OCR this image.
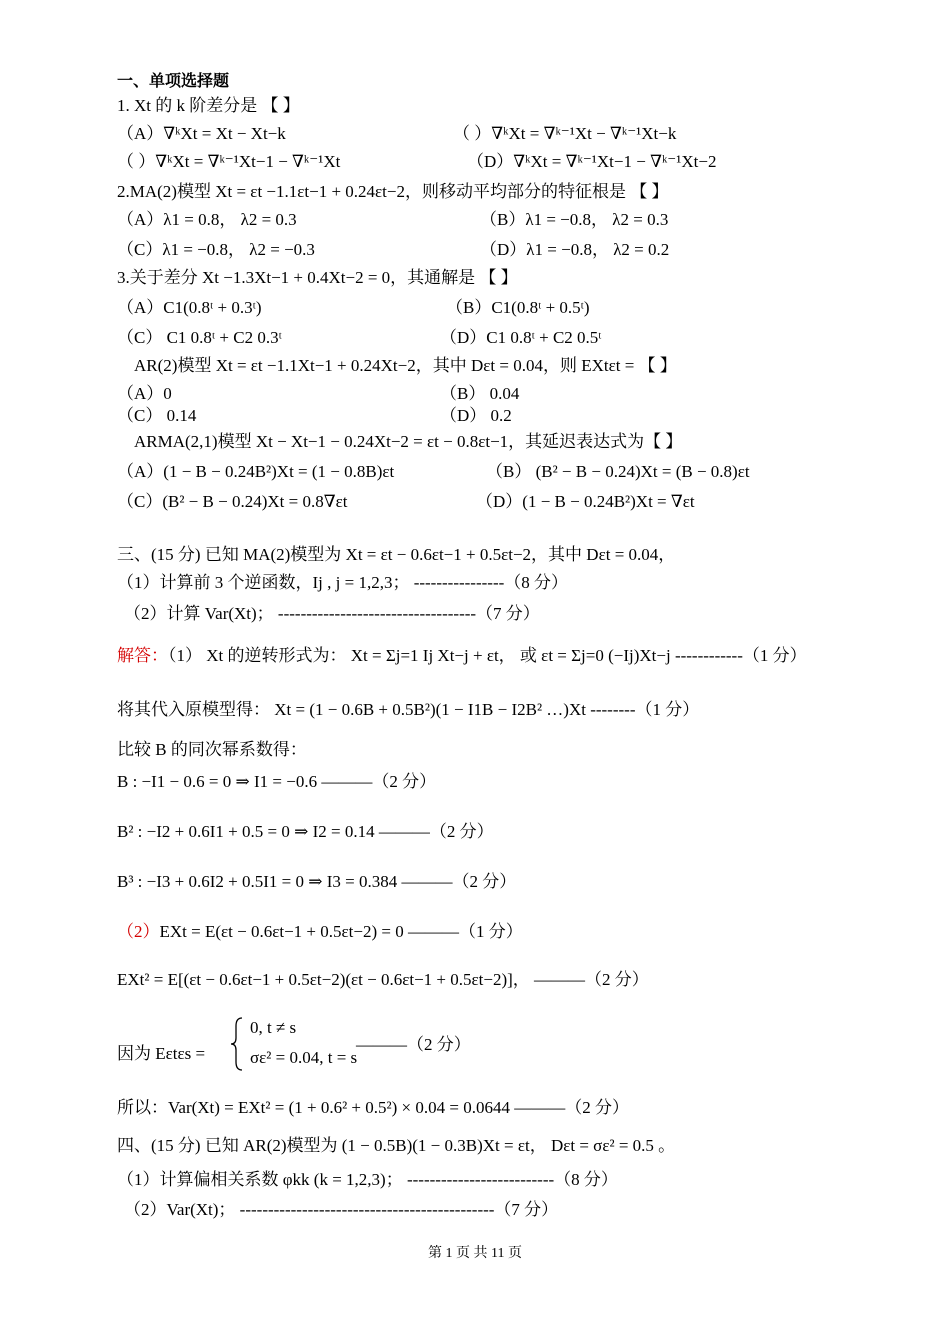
一、单项选择题
1. Xt 的 k 阶差分是 【 】
（A）∇ᵏXt = Xt − Xt−k	（ ）∇ᵏXt = ∇ᵏ⁻¹Xt − ∇ᵏ⁻¹Xt−k
（ ）∇ᵏXt = ∇ᵏ⁻¹Xt−1 − ∇ᵏ⁻¹Xt	（D）∇ᵏXt = ∇ᵏ⁻¹Xt−1 − ∇ᵏ⁻¹Xt−2
2.MA(2)模型 Xt = εt −1.1εt−1 + 0.24εt−2，则移动平均部分的特征根是 【 】
（A）λ1 = 0.8， λ2 = 0.3	（B）λ1 = −0.8， λ2 = 0.3
（C）λ1 = −0.8， λ2 = −0.3	（D）λ1 = −0.8， λ2 = 0.2
3.关于差分 Xt −1.3Xt−1 + 0.4Xt−2 = 0，其通解是 【 】
（A）C1(0.8ᵗ + 0.3ᵗ)	（B）C1(0.8ᵗ + 0.5ᵗ)
（C） C1 0.8ᵗ + C2 0.3ᵗ	（D）C1 0.8ᵗ + C2 0.5ᵗ
AR(2)模型 Xt = εt −1.1Xt−1 + 0.24Xt−2，其中 Dεt = 0.04，则 EXtεt = 【 】
（A）0	（B） 0.04
（C） 0.14	（D） 0.2
ARMA(2,1)模型 Xt − Xt−1 − 0.24Xt−2 = εt − 0.8εt−1，其延迟表达式为【 】
（A）(1 − B − 0.24B²)Xt = (1 − 0.8B)εt	（B） (B² − B − 0.24)Xt = (B − 0.8)εt
（C）(B² − B − 0.24)Xt = 0.8∇εt	（D）(1 − B − 0.24B²)Xt = ∇εt
三、(15 分) 已知 MA(2)模型为 Xt = εt − 0.6εt−1 + 0.5εt−2，其中 Dεt = 0.04，
（1）计算前 3 个逆函数，Ij , j = 1,2,3； ----------------（8 分）
（2）计算 Var(Xt)； -----------------------------------（7 分）
解答：（1） Xt 的逆转形式为： Xt = Σj=1 Ij Xt−j + εt， 或 εt = Σj=0 (−Ij)Xt−j ------------（1 分）
将其代入原模型得： Xt = (1 − 0.6B + 0.5B²)(1 − I1B − I2B² …)Xt --------（1 分）
比较 B 的同次幂系数得：
B : −I1 − 0.6 = 0 ⇒ I1 = −0.6 ———（2 分）
B² : −I2 + 0.6I1 + 0.5 = 0 ⇒ I2 = 0.14 ———（2 分）
B³ : −I3 + 0.6I2 + 0.5I1 = 0 ⇒ I3 = 0.384 ———（2 分）
（2）EXt = E(εt − 0.6εt−1 + 0.5εt−2) = 0 ———（1 分）
EXt² = E[(εt − 0.6εt−1 + 0.5εt−2)(εt − 0.6εt−1 + 0.5εt−2)]， ———（2 分）
因为 Eεtεs =
0, t ≠ s
σε² = 0.04, t = s
———（2 分）
所以：Var(Xt) = EXt² = (1 + 0.6² + 0.5²) × 0.04 = 0.0644 ———（2 分）
四、(15 分) 已知 AR(2)模型为 (1 − 0.5B)(1 − 0.3B)Xt = εt， Dεt = σε² = 0.5 。
（1）计算偏相关系数 φkk (k = 1,2,3)； --------------------------（8 分）
（2）Var(Xt)； ---------------------------------------------（7 分）
第 1 页 共 11 页
